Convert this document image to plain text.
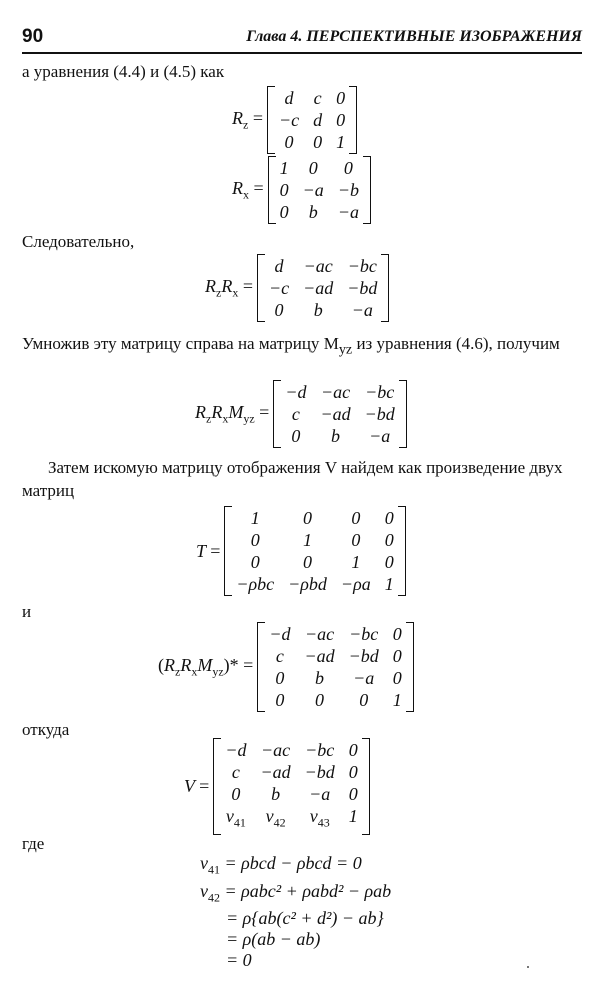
90	Глава 4. ПЕРСПЕКТИВНЫЕ ИЗОБРАЖЕНИЯ
а уравнения (4.4) и (4.5) как
$R_z$ =
d	c 0
−c d 0
0	0 1
$R_x$ =
1	0	0
0 −a −b
0	b	−a
Следовательно,
$R_zR_x$ =
d	−ac −bc
−c −ad −bd
0	b	−a
Умножив эту матрицу справа на матрицу $M_{yz}$ из уравнения (4.6), получим
$R_zR_xM_{yz}$ =
−d −ac −bc
c	−ad −bd
0	b	−a
Затем искомую матрицу отображения V найдем как произведение двух матриц
T =
1	0	0	0
0	1	0	0
0	0	1	0
−ρbc −ρbd −ρa 1
и
$(R_zR_xM_{yz})*$ =
−d −ac −bc 0
c	−ad −bd 0
0	b	−a 0
0	0	0	1
откуда
V =
−d −ac −bc 0
c	−ad −bd 0
0	b	−a 0
$v_{41}$ $v_{42}$ $v_{43}$ 1
где
$v_{41} = \rho bcd - \rho bcd = 0$
$v_{42} = \rho abc^2 + \rho abd^2 - \rho ab$
= ρ{ab(c² + d²) − ab}
= ρ(ab − ab)
= 0
